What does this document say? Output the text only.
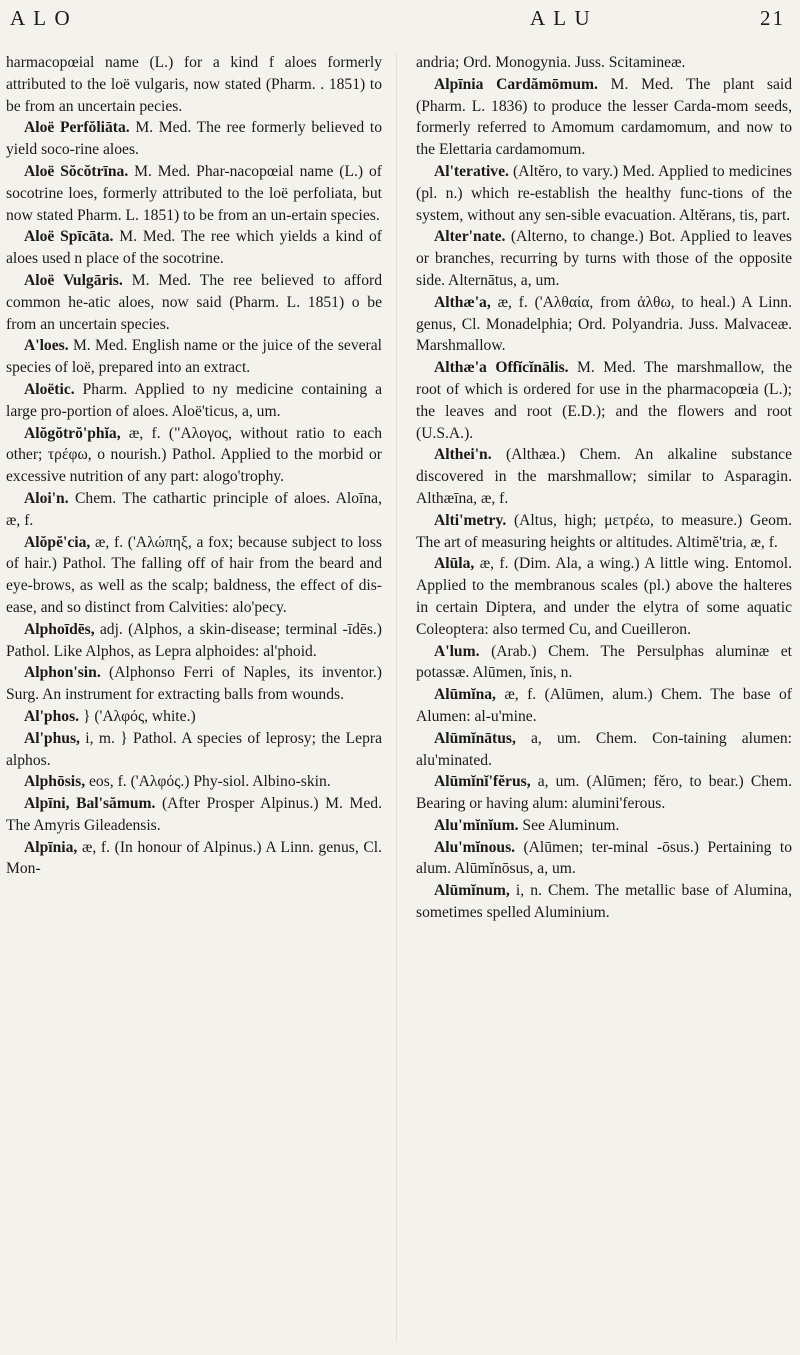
A L O	A L U	21

harmacopœial name (L.) for a kind f aloes formerly attributed to the loë vulgaris, now stated (Pharm. . 1851) to be from an uncertain pecies.

Aloë Perfŏliāta. M. Med. The ree formerly believed to yield soco-rine aloes.

Aloë Sŏcŏtrīna. M. Med. Phar-nacopœial name (L.) of socotrine loes, formerly attributed to the loë perfoliata, but now stated Pharm. L. 1851) to be from an un-ertain species.

Aloë Spīcāta. M. Med. The ree which yields a kind of aloes used n place of the socotrine.

Aloë Vulgāris. M. Med. The ree believed to afford common he-atic aloes, now said (Pharm. L. 1851) o be from an uncertain species.

A'loes. M. Med. English name or the juice of the several species of loë, prepared into an extract.

Aloëtic. Pharm. Applied to ny medicine containing a large pro-portion of aloes. Aloë'ticus, a, um.

Alŏgŏtrŏ'phĭa, æ, f. ("Αλογος, without ratio to each other; τρέφω, o nourish.) Pathol. Applied to the morbid or excessive nutrition of any part: alogo'trophy.

Aloi'n. Chem. The cathartic principle of aloes. Aloīna, æ, f.

Alŏpĕ'cia, æ, f. ('Αλώπηξ, a fox; because subject to loss of hair.) Pathol. The falling off of hair from the beard and eye-brows, as well as the scalp; baldness, the effect of dis-ease, and so distinct from Calvities: alo'pecy.

Alphoīdēs, adj. (Alphos, a skin-disease; terminal -īdēs.) Pathol. Like Alphos, as Lepra alphoides: al'phoid.

Alphon'sin. (Alphonso Ferri of Naples, its inventor.) Surg. An instrument for extracting balls from wounds.

Al'phos. } ('Αλφός, white.)

Al'phus, i, m. } Pathol. A species of leprosy; the Lepra alphos.

Alphōsis, eos, f. ('Αλφός.) Phy-siol. Albino-skin.

Alpīni, Bal'sămum. (After Prosper Alpinus.) M. Med. The Amyris Gileadensis.

Alpīnia, æ, f. (In honour of Alpinus.) A Linn. genus, Cl. Mon-

andria; Ord. Monogynia. Juss. Scitamineæ.

Alpīnia Cardămōmum. M. Med. The plant said (Pharm. L. 1836) to produce the lesser Carda-mom seeds, formerly referred to Amomum cardamomum, and now to the Elettaria cardamomum.

Al'terative. (Altĕro, to vary.) Med. Applied to medicines (pl. n.) which re-establish the healthy func-tions of the system, without any sen-sible evacuation. Altĕrans, tis, part.

Alter'nate. (Alterno, to change.) Bot. Applied to leaves or branches, recurring by turns with those of the opposite side. Alternātus, a, um.

Althæ'a, æ, f. ('Αλθαία, from ἀλθω, to heal.) A Linn. genus, Cl. Monadelphia; Ord. Polyandria. Juss. Malvaceæ. Marshmallow.

Althæ'a Offĭcĭnālis. M. Med. The marshmallow, the root of which is ordered for use in the pharmacopœia (L.); the leaves and root (E.D.); and the flowers and root (U.S.A.).

Althei'n. (Althæa.) Chem. An alkaline substance discovered in the marshmallow; similar to Asparagin. Althæīna, æ, f.

Alti'metry. (Altus, high; μετρέω, to measure.) Geom. The art of measuring heights or altitudes. Altimĕ'tria, æ, f.

Alūla, æ, f. (Dim. Ala, a wing.) A little wing. Entomol. Applied to the membranous scales (pl.) above the halteres in certain Diptera, and under the elytra of some aquatic Coleoptera: also termed Cu, and Cueilleron.

A'lum. (Arab.) Chem. The Persulphas aluminæ et potassæ. Alūmen, ĭnis, n.

Alūmĭna, æ, f. (Alūmen, alum.) Chem. The base of Alumen: al-u'mine.

Alūmĭnātus, a, um. Chem. Con-taining alumen: alu'minated.

Alūmĭnĭ'fĕrus, a, um. (Alūmen; fĕro, to bear.) Chem. Bearing or having alum: alumini'ferous.

Alu'mĭnĭum. See Aluminum.

Alu'mĭnous. (Alūmen; ter-minal -ōsus.) Pertaining to alum. Alūmĭnōsus, a, um.

Alūmĭnum, i, n. Chem. The metallic base of Alumina, sometimes spelled Aluminium.
